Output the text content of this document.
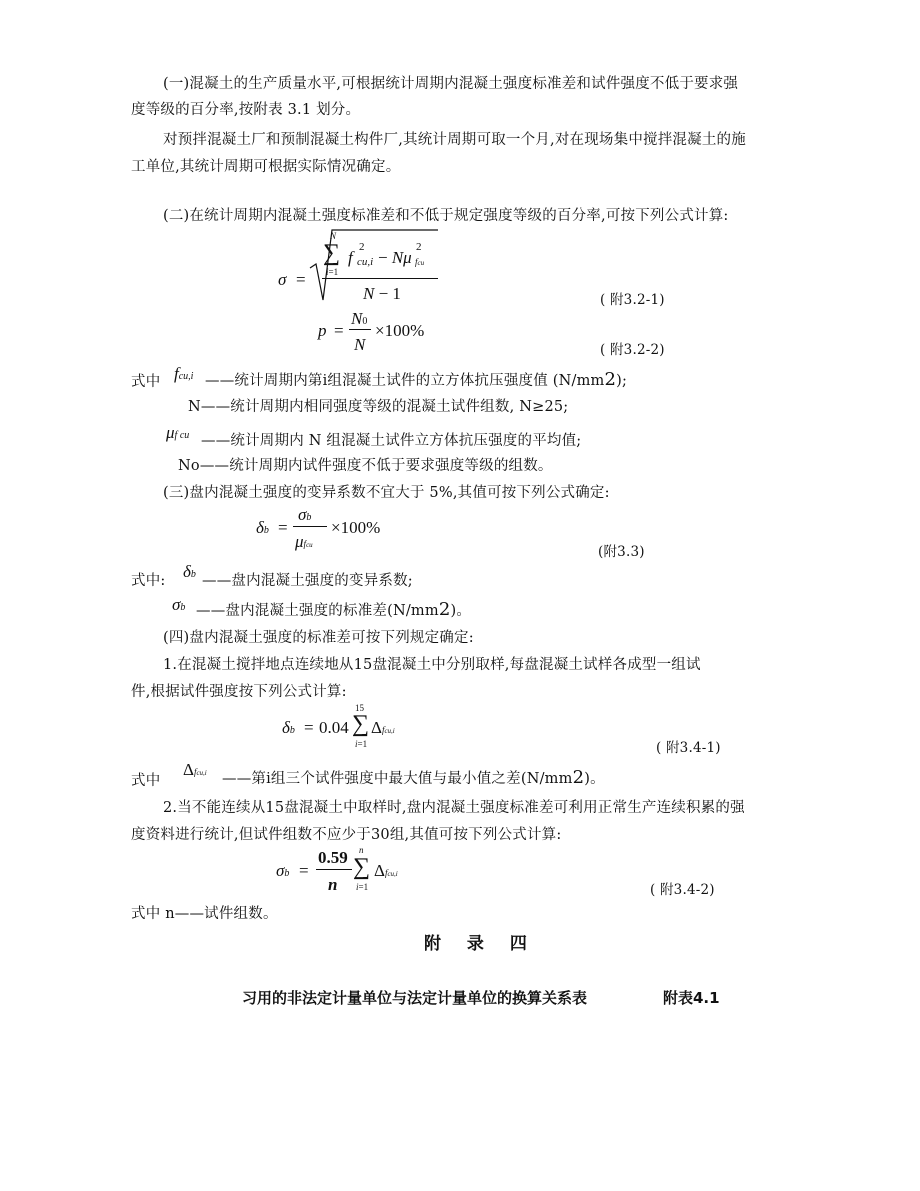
(一)混凝土的生产质量水平,可根据统计周期内混凝土强度标准差和试件强度不低于要求强
度等级的百分率,按附表 3.1 划分。
对预拌混凝土厂和预制混凝土构件厂,其统计周期可取一个月,对在现场集中搅拌混凝土的施
工单位,其统计周期可根据实际情况确定。
(二)在统计周期内混凝土强度标准差和不低于规定强度等级的百分率,可按下列公式计算:
σ =
∑
N
i=1
f cu,i
2
− Nμ
2
fcu
N − 1	( 附3.2-1)
p =
N0
N
×100%
( 附3.2-2)
式中 fcu,i ——统计周期内第i组混凝土试件的立方体抗压强度值 (N/mm2);
N——统计周期内相同强度等级的混凝土试件组数, N≥25;
μf cu ——统计周期内 N 组混凝土试件立方体抗压强度的平均值;
No——统计周期内试件强度不低于要求强度等级的组数。
(三)盘内混凝土强度的变异系数不宜大于 5%,其值可按下列公式确定:
δb =
σb
μfcu
×100%
(附3.3)
式中: δb ——盘内混凝土强度的变异系数;
σb ——盘内混凝土强度的标准差(N/mm2)。
(四)盘内混凝土强度的标准差可按下列规定确定:
1.在混凝土搅拌地点连续地从15盘混凝土中分别取样,每盘混凝土试样各成型一组试
件,根据试件强度按下列公式计算:
δb = 0.04 ∑
15
i=1
Δfcu,i
( 附3.4-1)
式中
Δfcu,i ——第i组三个试件强度中最大值与最小值之差(N/mm2)。
2.当不能连续从15盘混凝土中取样时,盘内混凝土强度标准差可利用正常生产连续积累的强
度资料进行统计,但试件组数不应少于30组,其值可按下列公式计算:
σb =
0.59
n
∑
n
i=1
Δfcu,i
( 附3.4-2)
式中 n——试件组数。
附 录 四
习用的非法定计量单位与法定计量单位的换算关系表	附表4.1
